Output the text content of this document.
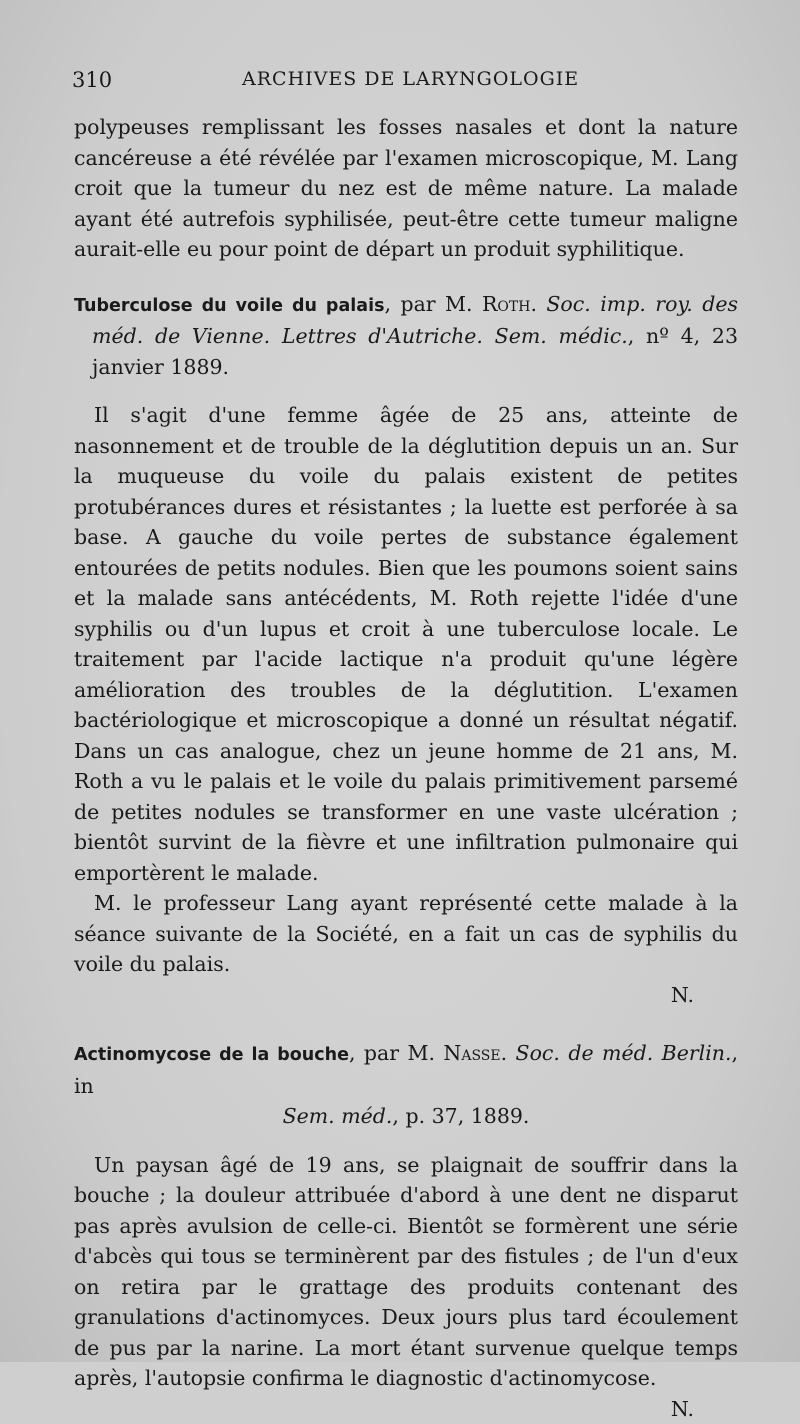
310	ARCHIVES DE LARYNGOLOGIE

polypeuses remplissant les fosses nasales et dont la nature cancéreuse a été révélée par l'examen microscopique, M. Lang croit que la tumeur du nez est de même nature. La malade ayant été autrefois syphilisée, peut-être cette tumeur maligne aurait-elle eu pour point de départ un produit syphilitique.

Tuberculose du voile du palais, par M. Roth. Soc. imp. roy. des méd. de Vienne. Lettres d'Autriche. Sem. médic., nº 4, 23 janvier 1889.

Il s'agit d'une femme âgée de 25 ans, atteinte de nasonnement et de trouble de la déglutition depuis un an. Sur la muqueuse du voile du palais existent de petites protubérances dures et résistantes ; la luette est perforée à sa base. A gauche du voile pertes de substance également entourées de petits nodules. Bien que les poumons soient sains et la malade sans antécédents, M. Roth rejette l'idée d'une syphilis ou d'un lupus et croit à une tuberculose locale. Le traitement par l'acide lactique n'a produit qu'une légère amélioration des troubles de la déglutition. L'examen bactériologique et microscopique a donné un résultat négatif. Dans un cas analogue, chez un jeune homme de 21 ans, M. Roth a vu le palais et le voile du palais primitivement parsemé de petites nodules se transformer en une vaste ulcération ; bientôt survint de la fièvre et une infiltration pulmonaire qui emportèrent le malade.

M. le professeur Lang ayant représenté cette malade à la séance suivante de la Société, en a fait un cas de syphilis du voile du palais.

N.

Actinomycose de la bouche, par M. Nasse. Soc. de méd. Berlin., in
Sem. méd., p. 37, 1889.

Un paysan âgé de 19 ans, se plaignait de souffrir dans la bouche ; la douleur attribuée d'abord à une dent ne disparut pas après avulsion de celle-ci. Bientôt se formèrent une série d'abcès qui tous se terminèrent par des fistules ; de l'un d'eux on retira par le grattage des produits contenant des granulations d'actinomyces. Deux jours plus tard écoulement de pus par la narine. La mort étant survenue quelque temps après, l'autopsie confirma le diagnostic d'actinomycose.
N.
